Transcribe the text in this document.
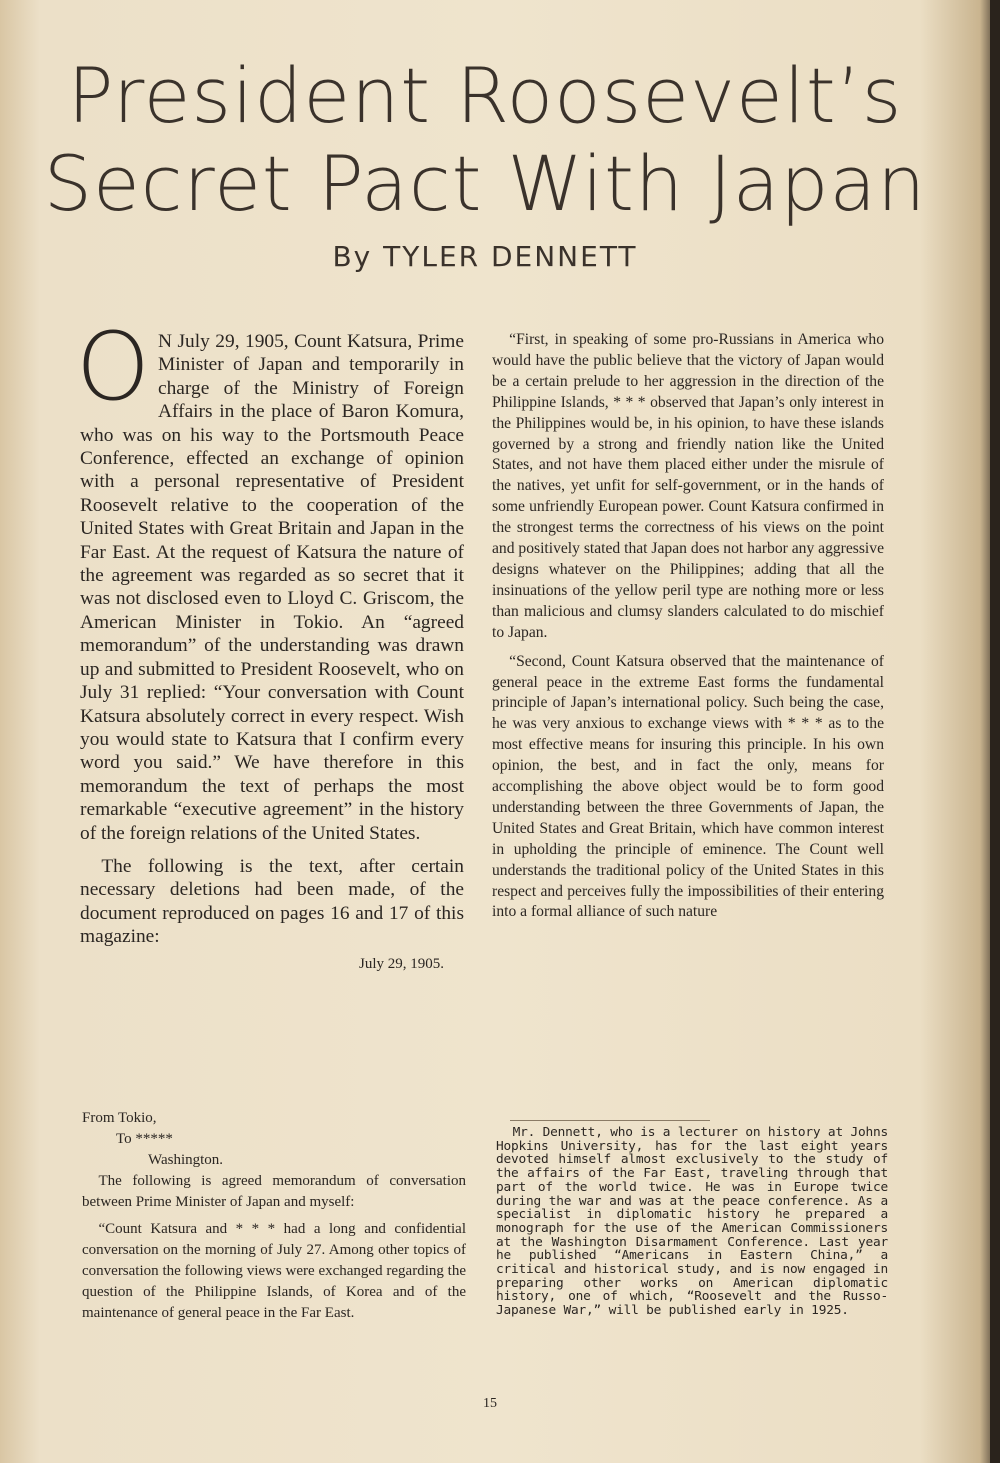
President Roosevelt’s
Secret Pact With Japan
By TYLER DENNETT

O N July 29, 1905, Count Katsura, Prime Minister of Japan and temporarily in charge of the Ministry of Foreign Affairs in the place of Baron Komura, who was on his way to the Portsmouth Peace Conference, effected an exchange of opinion with a personal representative of President Roosevelt relative to the cooperation of the United States with Great Britain and Japan in the Far East. At the request of Katsura the nature of the agreement was regarded as so secret that it was not disclosed even to Lloyd C. Griscom, the American Minister in Tokio. An “agreed memorandum” of the understanding was drawn up and submitted to President Roosevelt, who on July 31 replied: “Your conversation with Count Katsura absolutely correct in every respect. Wish you would state to Katsura that I confirm every word you said.” We have therefore in this memorandum the text of perhaps the most remarkable “executive agreement” in the history of the foreign relations of the United States.

The following is the text, after certain necessary deletions had been made, of the document reproduced on pages 16 and 17 of this magazine:

July 29, 1905.

From Tokio,

To *****

Washington.

The following is agreed memorandum of conversation between Prime Minister of Japan and myself:

“Count Katsura and * * * had a long and confidential conversation on the morning of July 27. Among other topics of conversation the following views were exchanged regarding the question of the Philippine Islands, of Korea and of the maintenance of general peace in the Far East.

“First, in speaking of some pro-Russians in America who would have the public believe that the victory of Japan would be a certain prelude to her aggression in the direction of the Philippine Islands, * * * observed that Japan’s only interest in the Philippines would be, in his opinion, to have these islands governed by a strong and friendly nation like the United States, and not have them placed either under the misrule of the natives, yet unfit for self-government, or in the hands of some unfriendly European power. Count Katsura confirmed in the strongest terms the correctness of his views on the point and positively stated that Japan does not harbor any aggressive designs whatever on the Philippines; adding that all the insinuations of the yellow peril type are nothing more or less than malicious and clumsy slanders calculated to do mischief to Japan.

“Second, Count Katsura observed that the maintenance of general peace in the extreme East forms the fundamental principle of Japan’s international policy. Such being the case, he was very anxious to exchange views with * * * as to the most effective means for insuring this principle. In his own opinion, the best, and in fact the only, means for accomplishing the above object would be to form good understanding between the three Governments of Japan, the United States and Great Britain, which have common interest in upholding the principle of eminence. The Count well understands the traditional policy of the United States in this respect and perceives fully the impossibilities of their entering into a formal alliance of such nature

Mr. Dennett, who is a lecturer on history at Johns Hopkins University, has for the last eight years devoted himself almost exclusively to the study of the affairs of the Far East, traveling through that part of the world twice. He was in Europe twice during the war and was at the peace conference. As a specialist in diplomatic history he prepared a monograph for the use of the American Commissioners at the Washington Disarmament Conference. Last year he published “Americans in Eastern China,” a critical and historical study, and is now engaged in preparing other works on American diplomatic history, one of which, “Roosevelt and the Russo-Japanese War,” will be published early in 1925.
15
